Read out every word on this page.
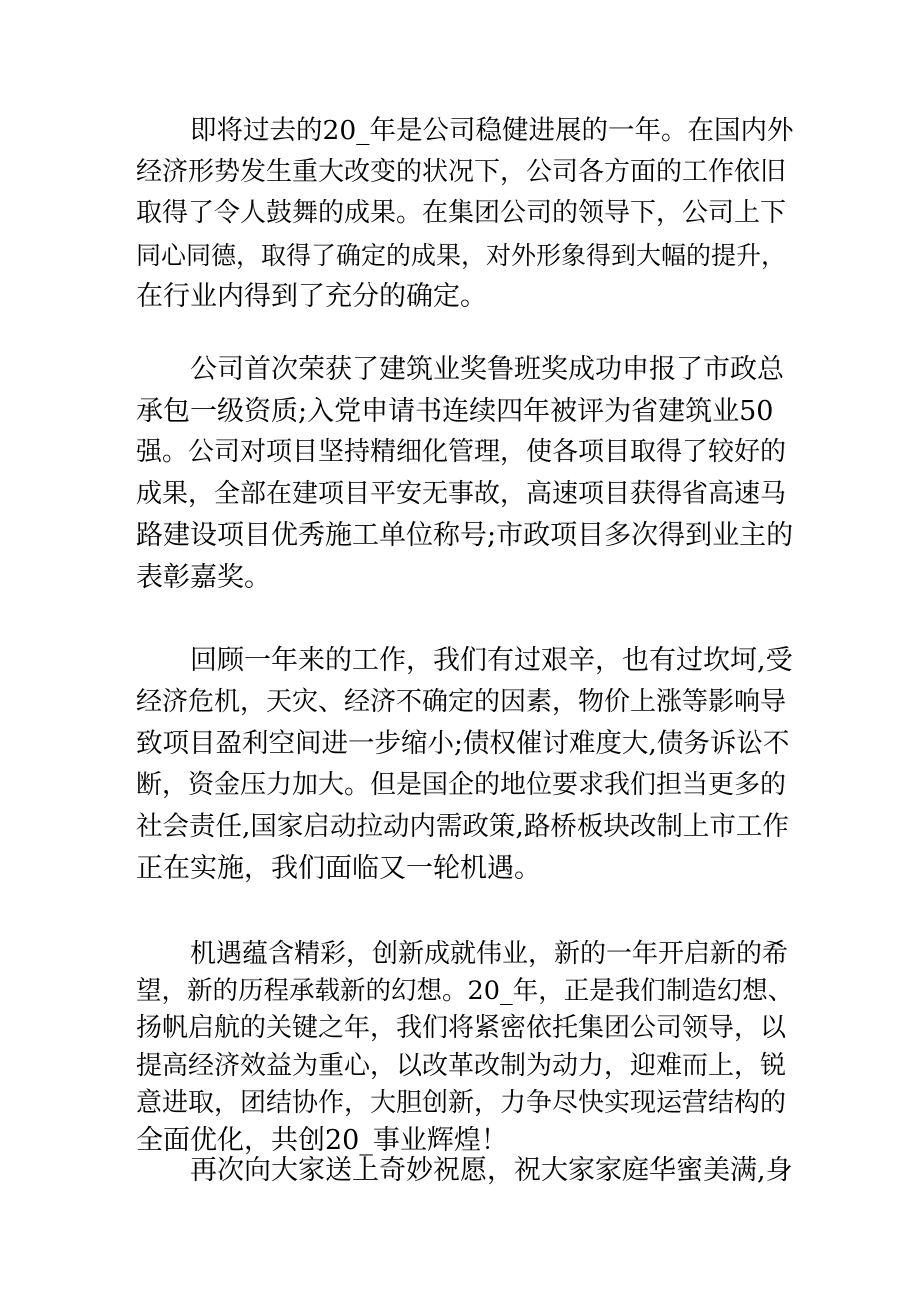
即将过去的20_年是公司稳健进展的一年。在国内外
经济形势发生重大改变的状况下，公司各方面的工作依旧
取得了令人鼓舞的成果。在集团公司的领导下，公司上下
同心同德，取得了确定的成果，对外形象得到大幅的提升，
在行业内得到了充分的确定。
公司首次荣获了建筑业奖鲁班奖成功申报了市政总
承包一级资质;入党申请书连续四年被评为省建筑业50
强。公司对项目坚持精细化管理，使各项目取得了较好的
成果，全部在建项目平安无事故，高速项目获得省高速马
路建设项目优秀施工单位称号;市政项目多次得到业主的
表彰嘉奖。
回顾一年来的工作，我们有过艰辛，也有过坎坷,受
经济危机，天灾、经济不确定的因素，物价上涨等影响导
致项目盈利空间进一步缩小;债权催讨难度大,债务诉讼不
断，资金压力加大。但是国企的地位要求我们担当更多的
社会责任,国家启动拉动内需政策,路桥板块改制上市工作
正在实施，我们面临又一轮机遇。
机遇蕴含精彩，创新成就伟业，新的一年开启新的希
望，新的历程承载新的幻想。20_年，正是我们制造幻想、
扬帆启航的关键之年，我们将紧密依托集团公司领导，以
提高经济效益为重心，以改革改制为动力，迎难而上，锐
意进取，团结协作，大胆创新，力争尽快实现运营结构的
全面优化，共创20_事业辉煌！
再次向大家送上奇妙祝愿，祝大家家庭华蜜美满,身
